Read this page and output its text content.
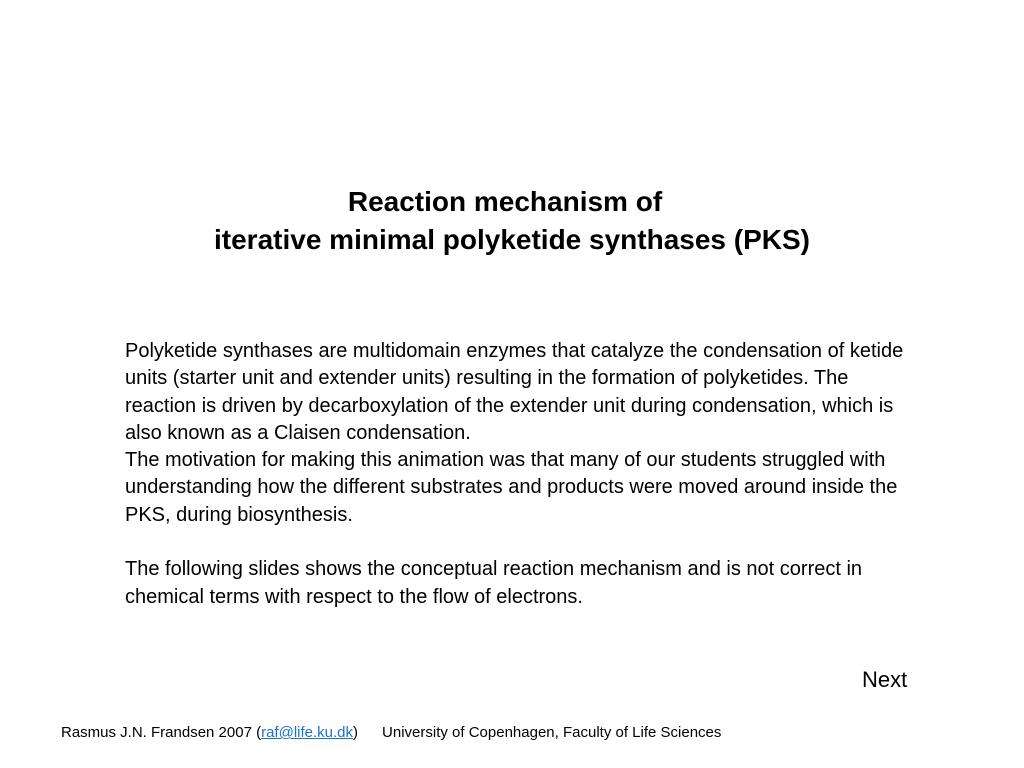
Reaction mechanism of
iterative minimal polyketide synthases (PKS)

Polyketide synthases are multidomain enzymes that catalyze the condensation of ketide units (starter unit and extender units) resulting in the formation of polyketides. The reaction is driven by decarboxylation of the extender unit during condensation, which is also known as a Claisen condensation.

The motivation for making this animation was that many of our students struggled with understanding how the different substrates and products were moved around inside the PKS, during biosynthesis.

The following slides shows the conceptual reaction mechanism and is not correct in chemical terms with respect to the flow of electrons.

Next
Rasmus J.N. Frandsen 2007 (raf@life.ku.dk) University of Copenhagen, Faculty of Life Sciences
